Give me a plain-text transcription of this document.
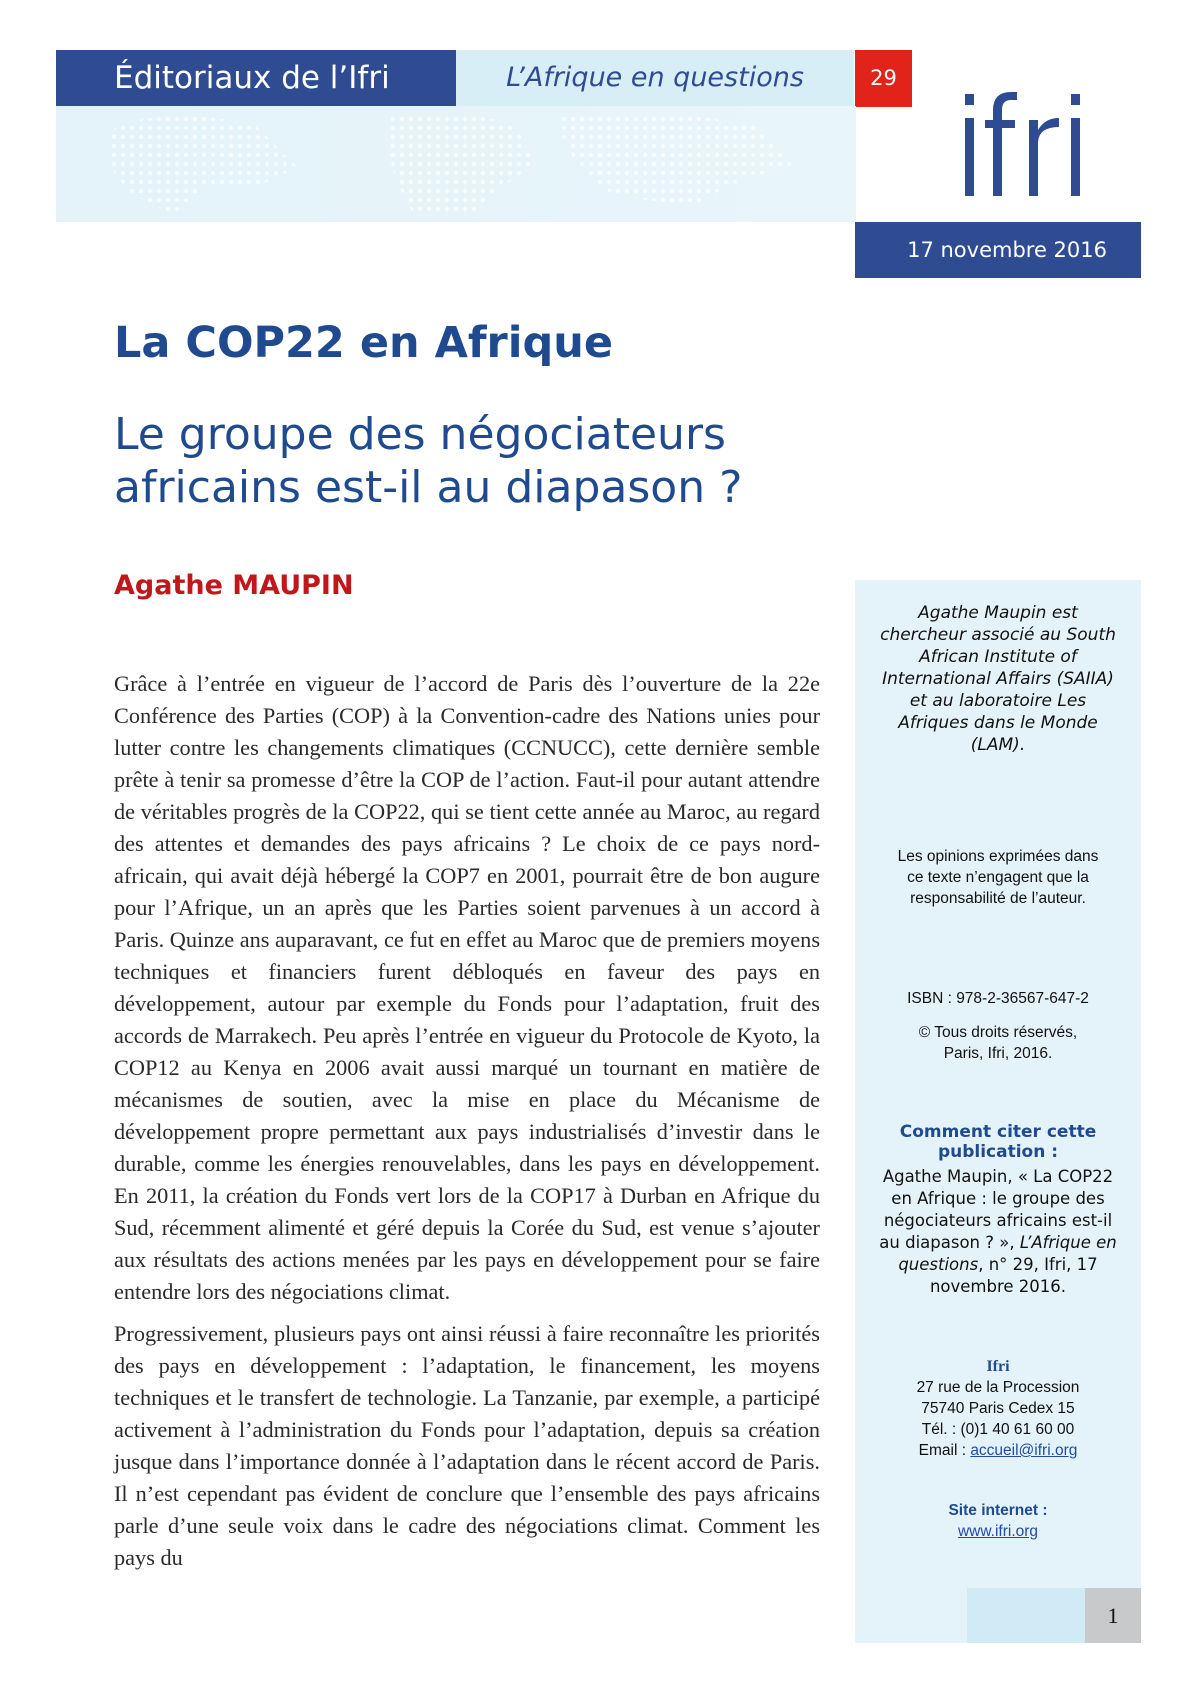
Éditoriaux de l’Ifri	L’Afrique en questions	29
17 novembre 2016
La COP22 en Afrique
Le groupe des négociateurs africains est-il au diapason ?
Agathe MAUPIN

Grâce à l’entrée en vigueur de l’accord de Paris dès l’ouverture de la 22e Conférence des Parties (COP) à la Convention-cadre des Nations unies pour lutter contre les changements climatiques (CCNUCC), cette dernière semble prête à tenir sa promesse d’être la COP de l’action. Faut-il pour autant attendre de véritables progrès de la COP22, qui se tient cette année au Maroc, au regard des attentes et demandes des pays africains ? Le choix de ce pays nord-africain, qui avait déjà hébergé la COP7 en 2001, pourrait être de bon augure pour l’Afrique, un an après que les Parties soient parvenues à un accord à Paris. Quinze ans auparavant, ce fut en effet au Maroc que de premiers moyens techniques et financiers furent débloqués en faveur des pays en développement, autour par exemple du Fonds pour l’adaptation, fruit des accords de Marrakech. Peu après l’entrée en vigueur du Protocole de Kyoto, la COP12 au Kenya en 2006 avait aussi marqué un tournant en matière de mécanismes de soutien, avec la mise en place du Mécanisme de développement propre permettant aux pays industrialisés d’investir dans le durable, comme les énergies renouvelables, dans les pays en développement. En 2011, la création du Fonds vert lors de la COP17 à Durban en Afrique du Sud, récemment alimenté et géré depuis la Corée du Sud, est venue s’ajouter aux résultats des actions menées par les pays en développement pour se faire entendre lors des négociations climat.

Progressivement, plusieurs pays ont ainsi réussi à faire reconnaître les priorités des pays en développement : l’adaptation, le financement, les moyens techniques et le transfert de technologie. La Tanzanie, par exemple, a participé activement à l’administration du Fonds pour l’adaptation, depuis sa création jusque dans l’importance donnée à l’adaptation dans le récent accord de Paris. Il n’est cependant pas évident de conclure que l’ensemble des pays africains parle d’une seule voix dans le cadre des négociations climat. Comment les pays du

Agathe Maupin est chercheur associé au South African Institute of International Affairs (SAIIA) et au laboratoire Les Afriques dans le Monde (LAM).
Les opinions exprimées dans ce texte n’engagent que la responsabilité de l’auteur.
ISBN : 978-2-36567-647-2
© Tous droits réservés, Paris, Ifri, 2016.
Comment citer cette publication :
Agathe Maupin, « La COP22 en Afrique : le groupe des négociateurs africains est-il au diapason ? », L’Afrique en questions, n° 29, Ifri, 17 novembre 2016.
Ifri
27 rue de la Procession
75740 Paris Cedex 15
Tél. : (0)1 40 61 60 00
Email : accueil@ifri.org
Site internet :
www.ifri.org
1
